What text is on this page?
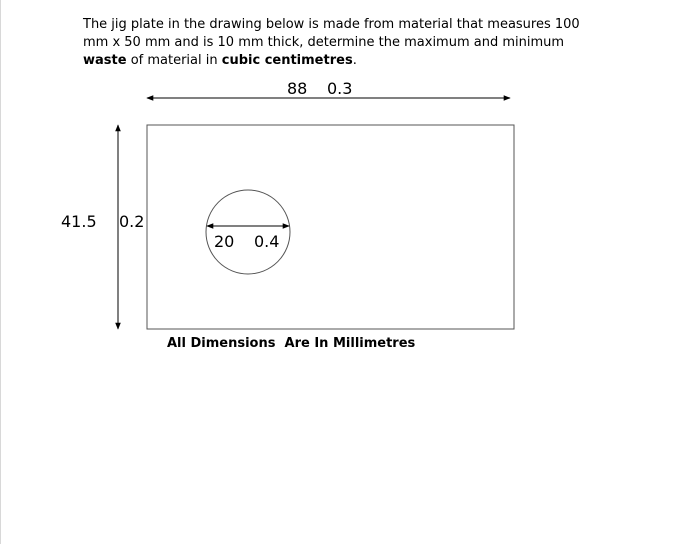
The jig plate in the drawing below is made from material that measures 100 mm x 50 mm and is 10 mm thick, determine the maximum and minimum waste of material in cubic centimetres.

88 0.3
41.5 0.2
20 0.4
All Dimensions  Are In Millimetres
